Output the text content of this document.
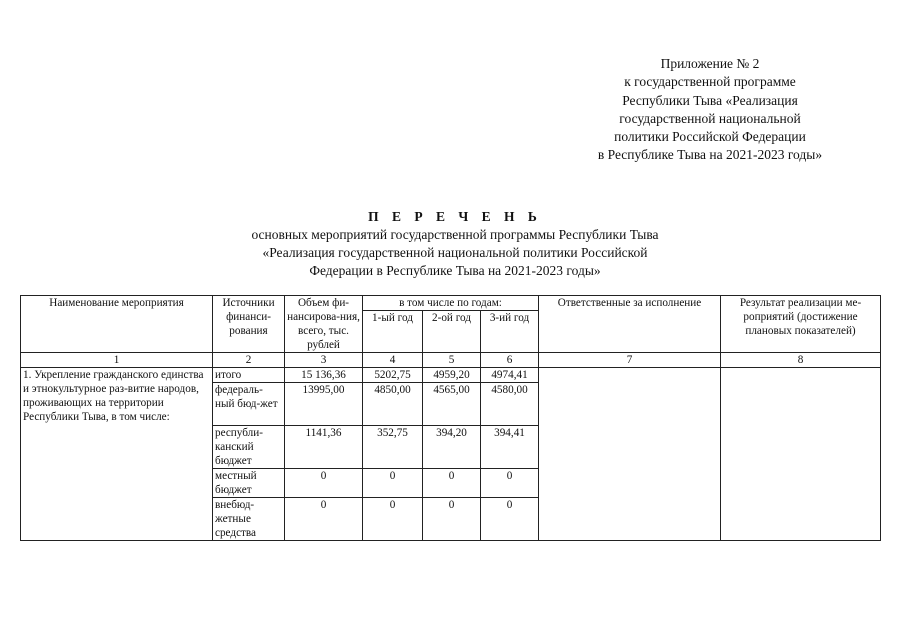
Приложение № 2
к государственной программе
Республики Тыва «Реализация
государственной национальной
политики Российской Федерации
в Республике Тыва на 2021-2023 годы»
П Е Р Е Ч Е Н Ь
основных мероприятий государственной программы Республики Тыва
«Реализация государственной национальной политики Российской
Федерации в Республике Тыва на 2021-2023 годы»
Наименование мероприятия	Источники финанси-рования	Объем фи-нансирова-ния, всего, тыс. рублей	в том числе по годам:			Ответственные за исполнение	Результат реализации ме-роприятий (достижение плановых показателей)
			1-ый год	2-ой год	3-ий год		
1	2	3	4	5	6	7	8
1. Укрепление гражданского единства и этнокультурное раз-витие народов, проживающих на территории Республики Тыва, в том числе:	итого	15 136,36	5202,75	4959,20	4974,41		
	федераль-ный бюд-жет	13995,00	4850,00	4565,00	4580,00		
	республи-канский бюджет	1141,36	352,75	394,20	394,41		
	местный бюджет	0	0	0	0		
	внебюд-жетные средства	0	0	0	0		
